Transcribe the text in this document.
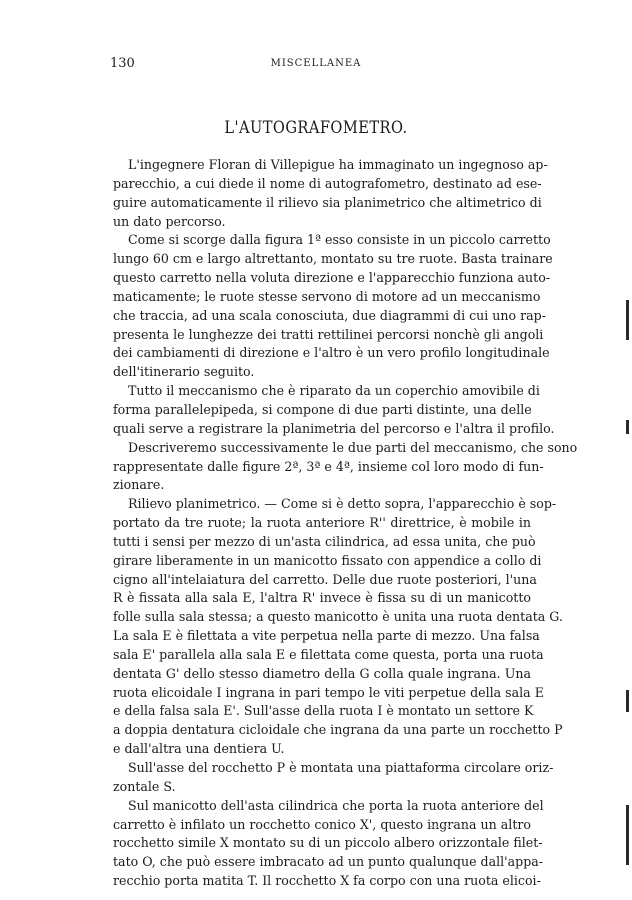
130	MISCELLANEA
L'AUTOGRAFOMETRO.
L'ingegnere Floran di Villepigue ha immaginato un ingegnoso ap-
parecchio, a cui diede il nome di autografometro, destinato ad ese-
guire automaticamente il rilievo sia planimetrico che altimetrico di
un dato percorso.
Come si scorge dalla figura 1ª esso consiste in un piccolo carretto
lungo 60 cm e largo altrettanto, montato su tre ruote. Basta trainare
questo carretto nella voluta direzione e l'apparecchio funziona auto-
maticamente; le ruote stesse servono di motore ad un meccanismo
che traccia, ad una scala conosciuta, due diagrammi di cui uno rap-
presenta le lunghezze dei tratti rettilinei percorsi nonchè gli angoli
dei cambiamenti di direzione e l'altro è un vero profilo longitudinale
dell'itinerario seguito.
Tutto il meccanismo che è riparato da un coperchio amovibile di
forma parallelepipeda, si compone di due parti distinte, una delle
quali serve a registrare la planimetria del percorso e l'altra il profilo.
Descriveremo successivamente le due parti del meccanismo, che sono
rappresentate dalle figure 2ª, 3ª e 4ª, insieme col loro modo di fun-
zionare.
Rilievo planimetrico. — Come si è detto sopra, l'apparecchio è sop-
portato da tre ruote; la ruota anteriore R'' direttrice, è mobile in
tutti i sensi per mezzo di un'asta cilindrica, ad essa unita, che può
girare liberamente in un manicotto fissato con appendice a collo di
cigno all'intelaiatura del carretto. Delle due ruote posteriori, l'una
R è fissata alla sala E, l'altra R' invece è fissa su di un manicotto
folle sulla sala stessa; a questo manicotto è unita una ruota dentata G.
La sala E è filettata a vite perpetua nella parte di mezzo. Una falsa
sala E' parallela alla sala E e filettata come questa, porta una ruota
dentata G' dello stesso diametro della G colla quale ingrana. Una
ruota elicoidale I ingrana in pari tempo le viti perpetue della sala E
e della falsa sala E'. Sull'asse della ruota I è montato un settore K
a doppia dentatura cicloidale che ingrana da una parte un rocchetto P
e dall'altra una dentiera U.
Sull'asse del rocchetto P è montata una piattaforma circolare oriz-
zontale S.
Sul manicotto dell'asta cilindrica che porta la ruota anteriore del
carretto è infilato un rocchetto conico X', questo ingrana un altro
rocchetto simile X montato su di un piccolo albero orizzontale filet-
tato O, che può essere imbracato ad un punto qualunque dall'appa-
recchio porta matita T. Il rocchetto X fa corpo con una ruota elicoi-
